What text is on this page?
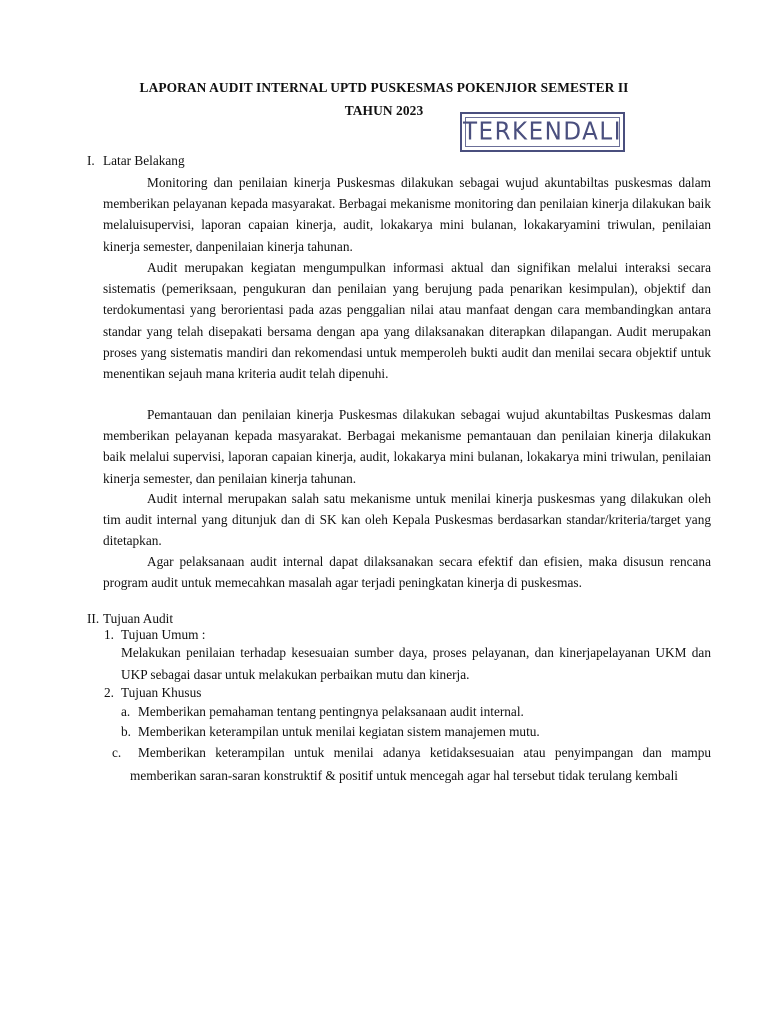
LAPORAN AUDIT INTERNAL UPTD PUSKESMAS POKENJIOR SEMESTER II
TAHUN 2023
TERKENDALI
I. Latar Belakang

Monitoring dan penilaian kinerja Puskesmas dilakukan sebagai wujud akuntabiltas puskesmas dalam memberikan pelayanan kepada masyarakat. Berbagai mekanisme monitoring dan penilaian kinerja dilakukan baik melaluisupervisi, laporan capaian kinerja, audit, lokakarya mini bulanan, lokakaryamini triwulan, penilaian kinerja semester, danpenilaian kinerja tahunan.

Audit merupakan kegiatan mengumpulkan informasi aktual dan signifikan melalui interaksi secara sistematis (pemeriksaan, pengukuran dan penilaian yang berujung pada penarikan kesimpulan), objektif dan terdokumentasi yang berorientasi pada azas penggalian nilai atau manfaat dengan cara membandingkan antara standar yang telah disepakati bersama dengan apa yang dilaksanakan diterapkan dilapangan. Audit merupakan proses yang sistematis mandiri dan rekomendasi untuk memperoleh bukti audit dan menilai secara objektif untuk menentikan sejauh mana kriteria audit telah dipenuhi.

Pemantauan dan penilaian kinerja Puskesmas dilakukan sebagai wujud akuntabiltas Puskesmas dalam memberikan pelayanan kepada masyarakat. Berbagai mekanisme pemantauan dan penilaian kinerja dilakukan baik melalui supervisi, laporan capaian kinerja, audit, lokakarya mini bulanan, lokakarya mini triwulan, penilaian kinerja semester, dan penilaian kinerja tahunan.

Audit internal merupakan salah satu mekanisme untuk menilai kinerja puskesmas yang dilakukan oleh tim audit internal yang ditunjuk dan di SK kan oleh Kepala Puskesmas berdasarkan standar/kriteria/target yang ditetapkan.

Agar pelaksanaan audit internal dapat dilaksanakan secara efektif dan efisien, maka disusun rencana program audit untuk memecahkan masalah agar terjadi peningkatan kinerja di puskesmas.

II. Tujuan Audit
1. Tujuan Umum :

Melakukan penilaian terhadap kesesuaian sumber daya, proses pelayanan, dan kinerjapelayanan UKM dan UKP sebagai dasar untuk melakukan perbaikan mutu dan kinerja.

2. Tujuan Khusus
a. Memberikan pemahaman tentang pentingnya pelaksanaan audit internal.
b. Memberikan keterampilan untuk menilai kegiatan sistem manajemen mutu.
c. Memberikan keterampilan untuk menilai adanya ketidaksesuaian atau penyimpangan dan mampu memberikan saran-saran konstruktif & positif untuk mencegah agar hal tersebut tidak terulang kembali
